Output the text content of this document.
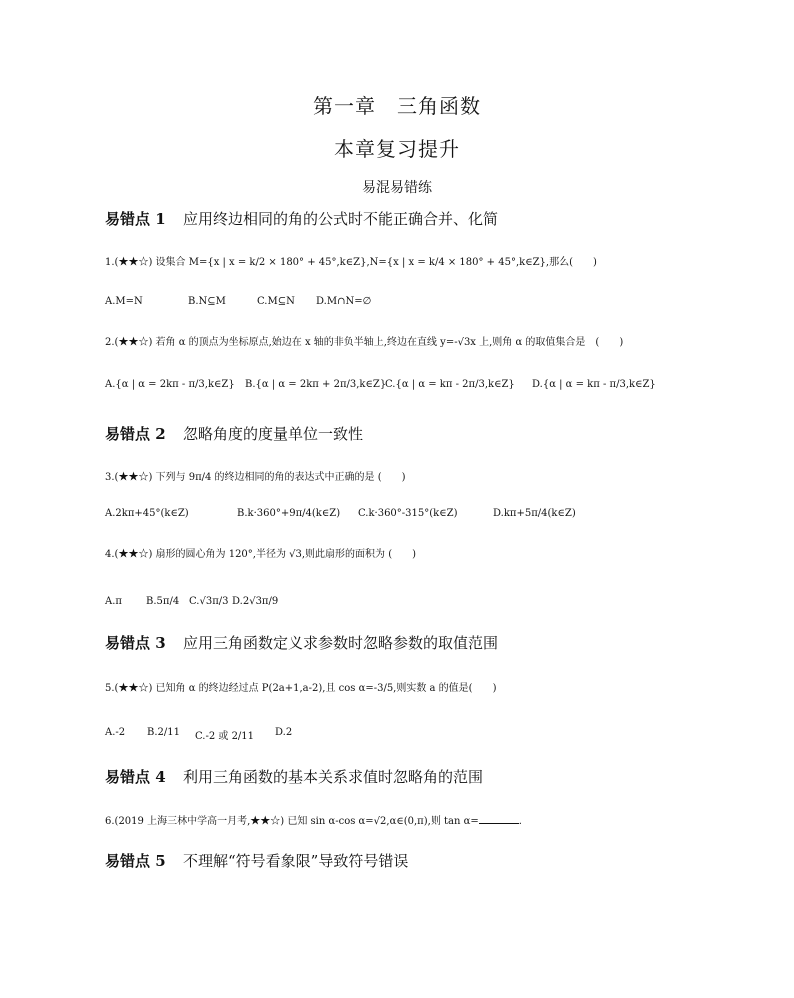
第一章　三角函数
本章复习提升
易混易错练
易错点 1 应用终边相同的角的公式时不能正确合并、化简
1.(★★☆) 设集合 M={x | x = k/2 × 180° + 45°,k∈Z},N={x | x = k/4 × 180° + 45°,k∈Z},那么(　　)
A.M=N	B.N⊆M	C.M⊆N D.M∩N=∅
2.(★★☆) 若角 α 的顶点为坐标原点,始边在 x 轴的非负半轴上,终边在直线 y=-√3x 上,则角 α 的取值集合是　(　　)
A.{α | α = 2kπ - π/3,k∈Z} B.{α | α = 2kπ + 2π/3,k∈Z}
C.{α | α = kπ - 2π/3,k∈Z} D.{α | α = kπ - π/3,k∈Z}
易错点 2 忽略角度的度量单位一致性
3.(★★☆) 下列与 9π/4 的终边相同的角的表达式中正确的是 (　　)
A.2kπ+45°(k∈Z)	B.k·360°+9π/4(k∈Z) C.k·360°-315°(k∈Z)	D.kπ+5π/4(k∈Z)
4.(★★☆) 扇形的圆心角为 120°,半径为 √3,则此扇形的面积为 (　　)
A.π B.5π/4 C.√3π/3 D.2√3π/9
易错点 3 应用三角函数定义求参数时忽略参数的取值范围
5.(★★☆) 已知角 α 的终边经过点 P(2a+1,a-2),且 cos α=-3/5,则实数 a 的值是(　　)
A.-2 B.2/11 C.-2 或 2/11 D.2
易错点 4 利用三角函数的基本关系求值时忽略角的范围
6.(2019 上海三林中学高一月考,★★☆) 已知 sin α-cos α=√2,α∈(0,π),则 tan α=	.
易错点 5 不理解“符号看象限”导致符号错误
